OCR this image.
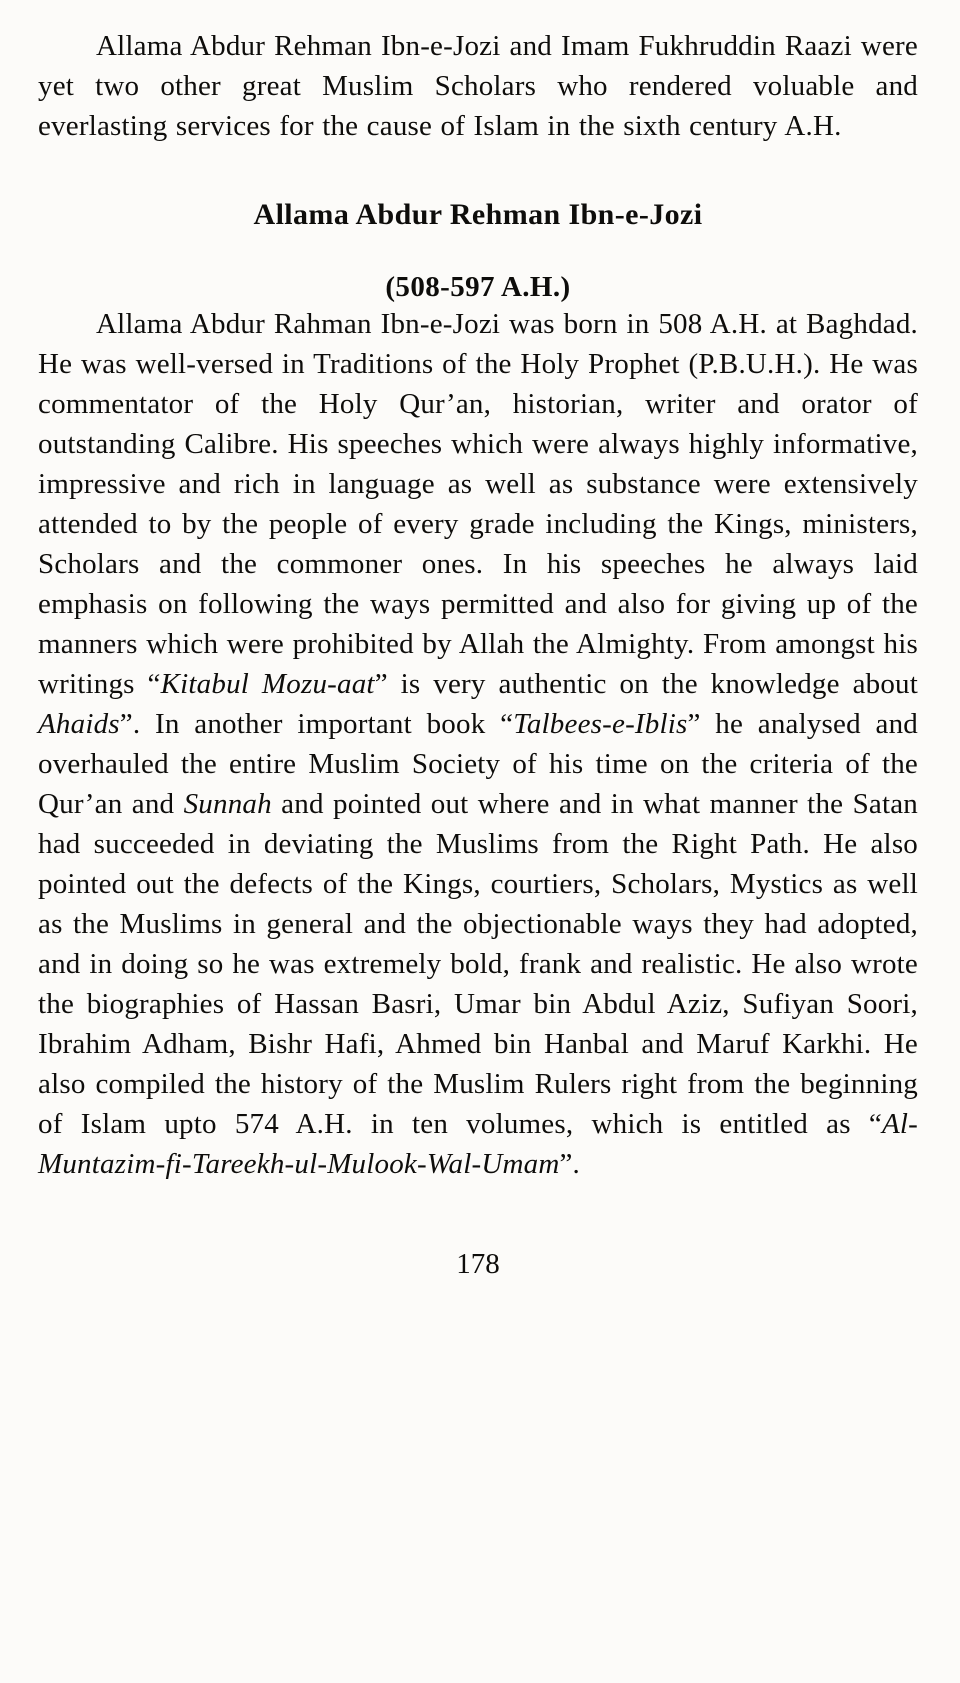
Allama Abdur Rehman Ibn-e-Jozi and Imam Fukhruddin Raazi were yet two other great Muslim Scholars who rendered voluable and everlasting services for the cause of Islam in the sixth century A.H.

Allama Abdur Rehman Ibn-e-Jozi
(508-597 A.H.)

Allama Abdur Rahman Ibn-e-Jozi was born in 508 A.H. at Baghdad. He was well-versed in Traditions of the Holy Prophet (P.B.U.H.). He was commentator of the Holy Qur’an, historian, writer and orator of outstanding Calibre. His speeches which were always highly informative, impressive and rich in language as well as substance were extensively attended to by the people of every grade including the Kings, ministers, Scholars and the commoner ones. In his speeches he always laid emphasis on following the ways permitted and also for giving up of the manners which were prohibited by Allah the Almighty. From amongst his writings “Kitabul Mozu-aat” is very authentic on the knowledge about Ahaids”. In another important book “Talbees-e-Iblis” he analysed and overhauled the entire Muslim Society of his time on the criteria of the Qur’an and Sunnah and pointed out where and in what manner the Satan had succeeded in deviating the Muslims from the Right Path. He also pointed out the defects of the Kings, courtiers, Scholars, Mystics as well as the Muslims in general and the objectionable ways they had adopted, and in doing so he was extremely bold, frank and realistic. He also wrote the biographies of Hassan Basri, Umar bin Abdul Aziz, Sufiyan Soori, Ibrahim Adham, Bishr Hafi, Ahmed bin Hanbal and Maruf Karkhi. He also compiled the history of the Muslim Rulers right from the beginning of Islam upto 574 A.H. in ten volumes, which is entitled as “Al-Muntazim-fi-Tareekh-ul-Mulook-Wal-Umam”.

178
